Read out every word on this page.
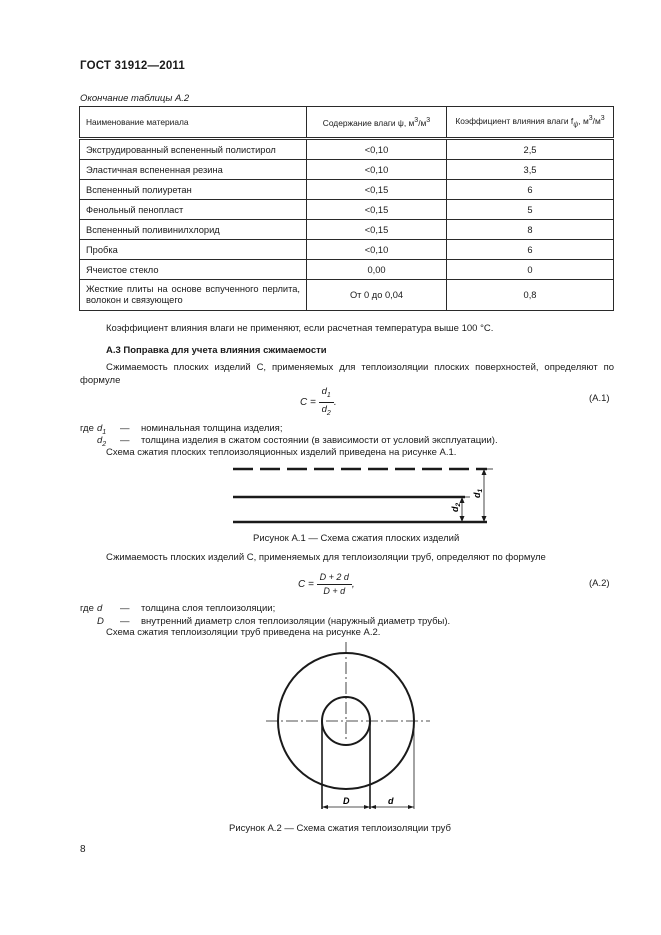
ГОСТ 31912—2011
Окончание таблицы А.2
Наименование материала	Содержание влаги ψ, $м^3/м^3$	Коэффициент влияния влаги $f_\psi$, $м^3/м^3$
Экструдированный вспененный полистирол	<0,10	2,5
Эластичная вспененная резина	<0,10	3,5
Вспененный полиуретан	<0,15	6
Фенольный пенопласт	<0,15	5
Вспененный поливинилхлорид	<0,15	8
Пробка	<0,10	6
Ячеистое стекло	0,00	0
Жесткие плиты на основе вспученного перлита, волокон и связующего	От 0 до 0,04	0,8
Коэффициент влияния влаги не применяют, если расчетная температура выше 100 °С.
А.3 Поправка для учета влияния сжимаемости
Сжимаемость плоских изделий C, применяемых для теплоизоляции плоских поверхностей, определяют по формуле
$C = \frac{d_1}{d_2}$ .	(А.1)
где $d_1$ — номинальная толщина изделия;
$d_2$ — толщина изделия в сжатом состоянии (в зависимости от условий эксплуатации).
Схема сжатия плоских теплоизоляционных изделий приведена на рисунке А.1.
$d_2$
$d_1$
Рисунок А.1 — Схема сжатия плоских изделий
Сжимаемость плоских изделий C, применяемых для теплоизоляции труб, определяют по формуле
$C = \frac{D + 2 d}{D + d}$ ,	(А.2)
где d — толщина слоя теплоизоляции;
D — внутренний диаметр слоя теплоизоляции (наружный диаметр трубы).
Схема сжатия теплоизоляции труб приведена на рисунке А.2.
D	d
Рисунок А.2 — Схема сжатия теплоизоляции труб
8
